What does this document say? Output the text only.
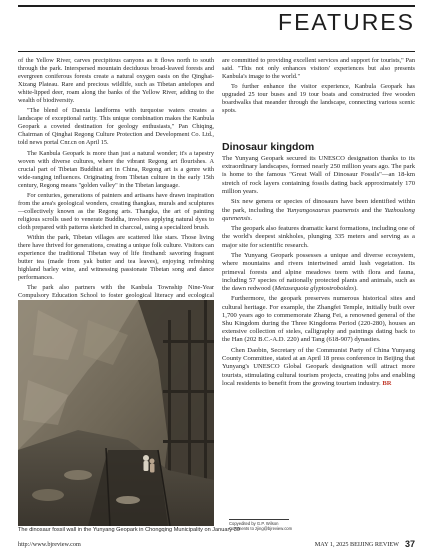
FEATURES

of the Yellow River, carves precipitous canyons as it flows north to south through the park. Interspersed mountain deciduous broad-leaved forests and evergreen coniferous forests create a natural oxygen oasis on the Qinghai-Xizang Plateau. Rare and precious wildlife, such as Tibetan antelopes and white-lipped deer, roam along the banks of the Yellow River, adding to the wealth of biodiversity.

"The blend of Danxia landforms with turquoise waters creates a landscape of exceptional rarity. This unique combination makes the Kanbula Geopark a coveted destination for geology enthusiasts," Pan Chiqing, Chairman of Qinghai Regong Culture Protection and Development Co. Ltd., told news portal Cnr.cn on April 15.

The Kanbula Geopark is more than just a natural wonder; it's a tapestry woven with diverse cultures, where the vibrant Regong art flourishes. A crucial part of Tibetan Buddhist art in China, Regong art is a genre with wide-ranging influences. Originating from Tibetan culture in the early 15th century, Regong means "golden valley" in the Tibetan language.

For centuries, generations of painters and artisans have drawn inspiration from the area's geological wonders, creating thangkas, murals and sculptures—collectively known as the Regong arts. Thangka, the art of painting religious scrolls used to venerate Buddha, involves applying natural dyes to cloth prepared with patterns sketched in charcoal, using a specialized brush.

Within the park, Tibetan villages are scattered like stars. Those living there have thrived for generations, creating a unique folk culture. Visitors can experience the traditional Tibetan way of life firsthand: savoring fragrant butter tea (made from yak butter and tea leaves), enjoying refreshing highland barley wine, and witnessing passionate Tibetan song and dance performances.

The park also partners with the Kanbula Township Nine-Year Compulsory Education School to foster geological literacy and ecological

The dinosaur fossil wall in the Yunyang Geopark in Chongqing Municipality on January 30

are committed to providing excellent services and support for tourists," Pan said. "This not only enhances visitors' experiences but also presents Kanbula's image to the world."

To further enhance the visitor experience, Kanbula Geopark has upgraded 25 tour buses and 19 tour boats and constructed five wooden boardwalks that meander through the landscape, connecting various scenic spots.

Dinosaur kingdom

The Yunyang Geopark secured its UNESCO designation thanks to its extraordinary landscapes, formed nearly 250 million years ago. The park is home to the famous "Great Wall of Dinosaur Fossils"—an 18-km stretch of rock layers containing fossils dating back approximately 170 million years.

Six new genera or species of dinosaurs have been identified within the park, including the Yunyangosaurus puanensis and the Yuzhoulong qurenensis.

The geopark also features dramatic karst formations, including one of the world's deepest sinkholes, plunging 335 meters and serving as a major site for scientific research.

The Yunyang Geopark possesses a unique and diverse ecosystem, where mountains and rivers intertwined amid lush vegetation. Its primeval forests and alpine meadows teem with flora and fauna, including 57 species of nationally protected plants and animals, such as the dawn redwood (Metasequoia glyptostroboides).

Furthermore, the geopark preserves numerous historical sites and cultural heritage. For example, the Zhangfei Temple, initially built over 1,700 years ago to commemorate Zhang Fei, a renowned general of the Shu Kingdom during the Three Kingdoms Period (220-280), houses an extensive collection of steles, calligraphy and paintings dating back to the Han (202 B.C.-A.D. 220) and Tang (618-907) dynasties.

Chen Daobin, Secretary of the Communist Party of China Yunyang County Committee, stated at an April 18 press conference in Beijing that Yunyang's UNESCO Global Geopark designation will attract more tourists, stimulating cultural tourism projects, creating jobs and enabling local residents to benefit from the growing tourism industry. BR

Copyedited by G.P. Wilson
Comments to zjing@bjreview.com
http://www.bjreview.com	MAY 1, 2025 BEIJING REVIEW 37
